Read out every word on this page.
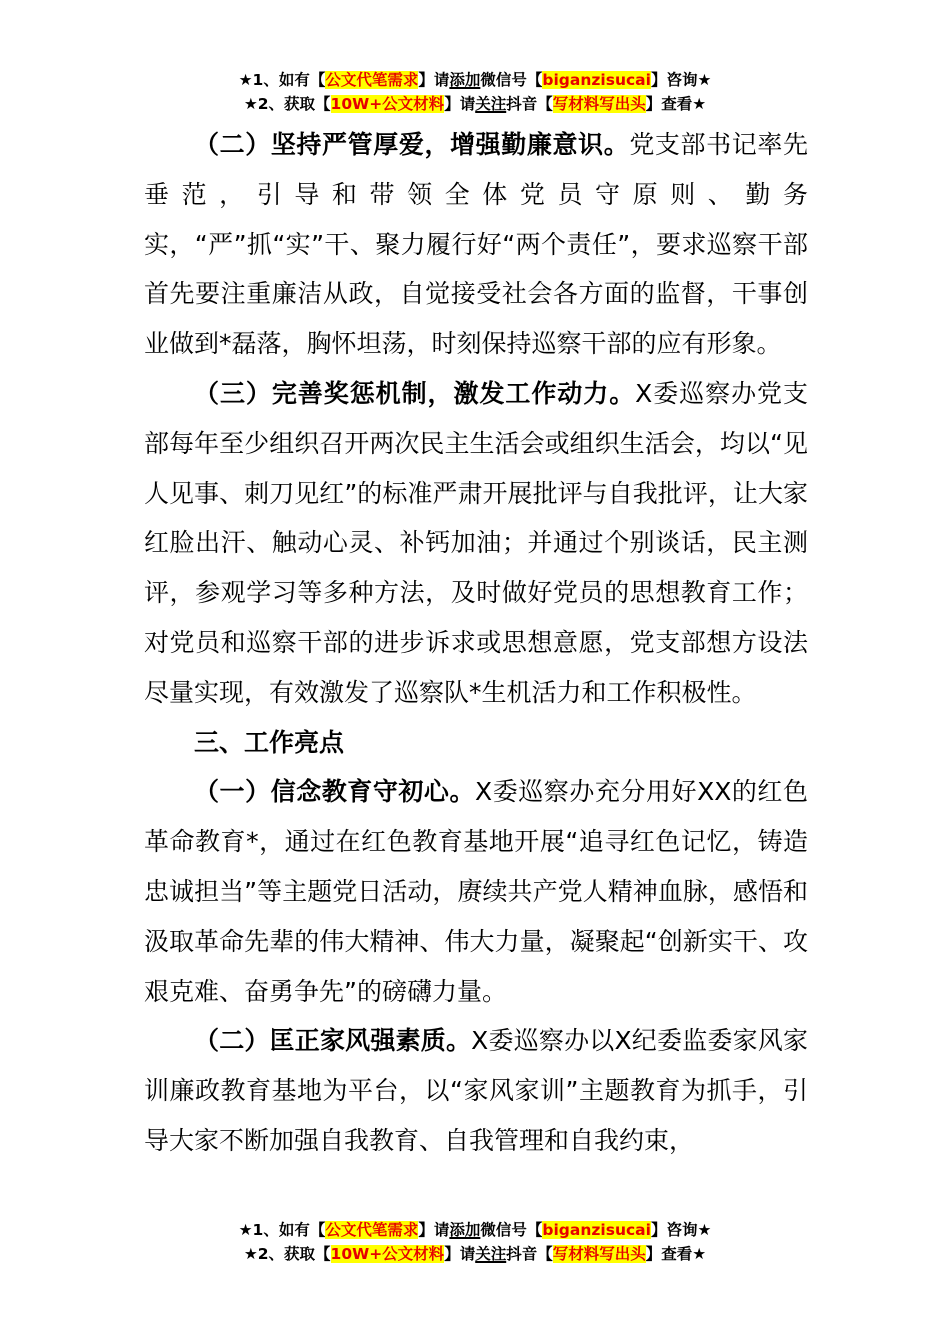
★1、如有【公文代笔需求】请添加微信号【biganzisucai】咨询★
★2、获取【10W+公文材料】请关注抖音【写材料写出头】查看★

（二）坚持严管厚爱，增强勤廉意识。党支部书记率先垂范，引导和带领全体党员守原则、勤务实，“严”抓“实”干、聚力履行好“两个责任”，要求巡察干部首先要注重廉洁从政，自觉接受社会各方面的监督，干事创业做到*磊落，胸怀坦荡，时刻保持巡察干部的应有形象。

（三）完善奖惩机制，激发工作动力。X委巡察办党支部每年至少组织召开两次民主生活会或组织生活会，均以“见人见事、刺刀见红”的标准严肃开展批评与自我批评，让大家红脸出汗、触动心灵、补钙加油；并通过个别谈话，民主测评，参观学习等多种方法，及时做好党员的思想教育工作；对党员和巡察干部的进步诉求或思想意愿，党支部想方设法尽量实现，有效激发了巡察队*生机活力和工作积极性。

三、工作亮点

（一）信念教育守初心。X委巡察办充分用好XX的红色革命教育*，通过在红色教育基地开展“追寻红色记忆，铸造忠诚担当”等主题党日活动，赓续共产党人精神血脉，感悟和汲取革命先辈的伟大精神、伟大力量，凝聚起“创新实干、攻艰克难、奋勇争先”的磅礴力量。

（二）匡正家风强素质。X委巡察办以X纪委监委家风家训廉政教育基地为平台，以“家风家训”主题教育为抓手，引导大家不断加强自我教育、自我管理和自我约束，

★1、如有【公文代笔需求】请添加微信号【biganzisucai】咨询★
★2、获取【10W+公文材料】请关注抖音【写材料写出头】查看★
